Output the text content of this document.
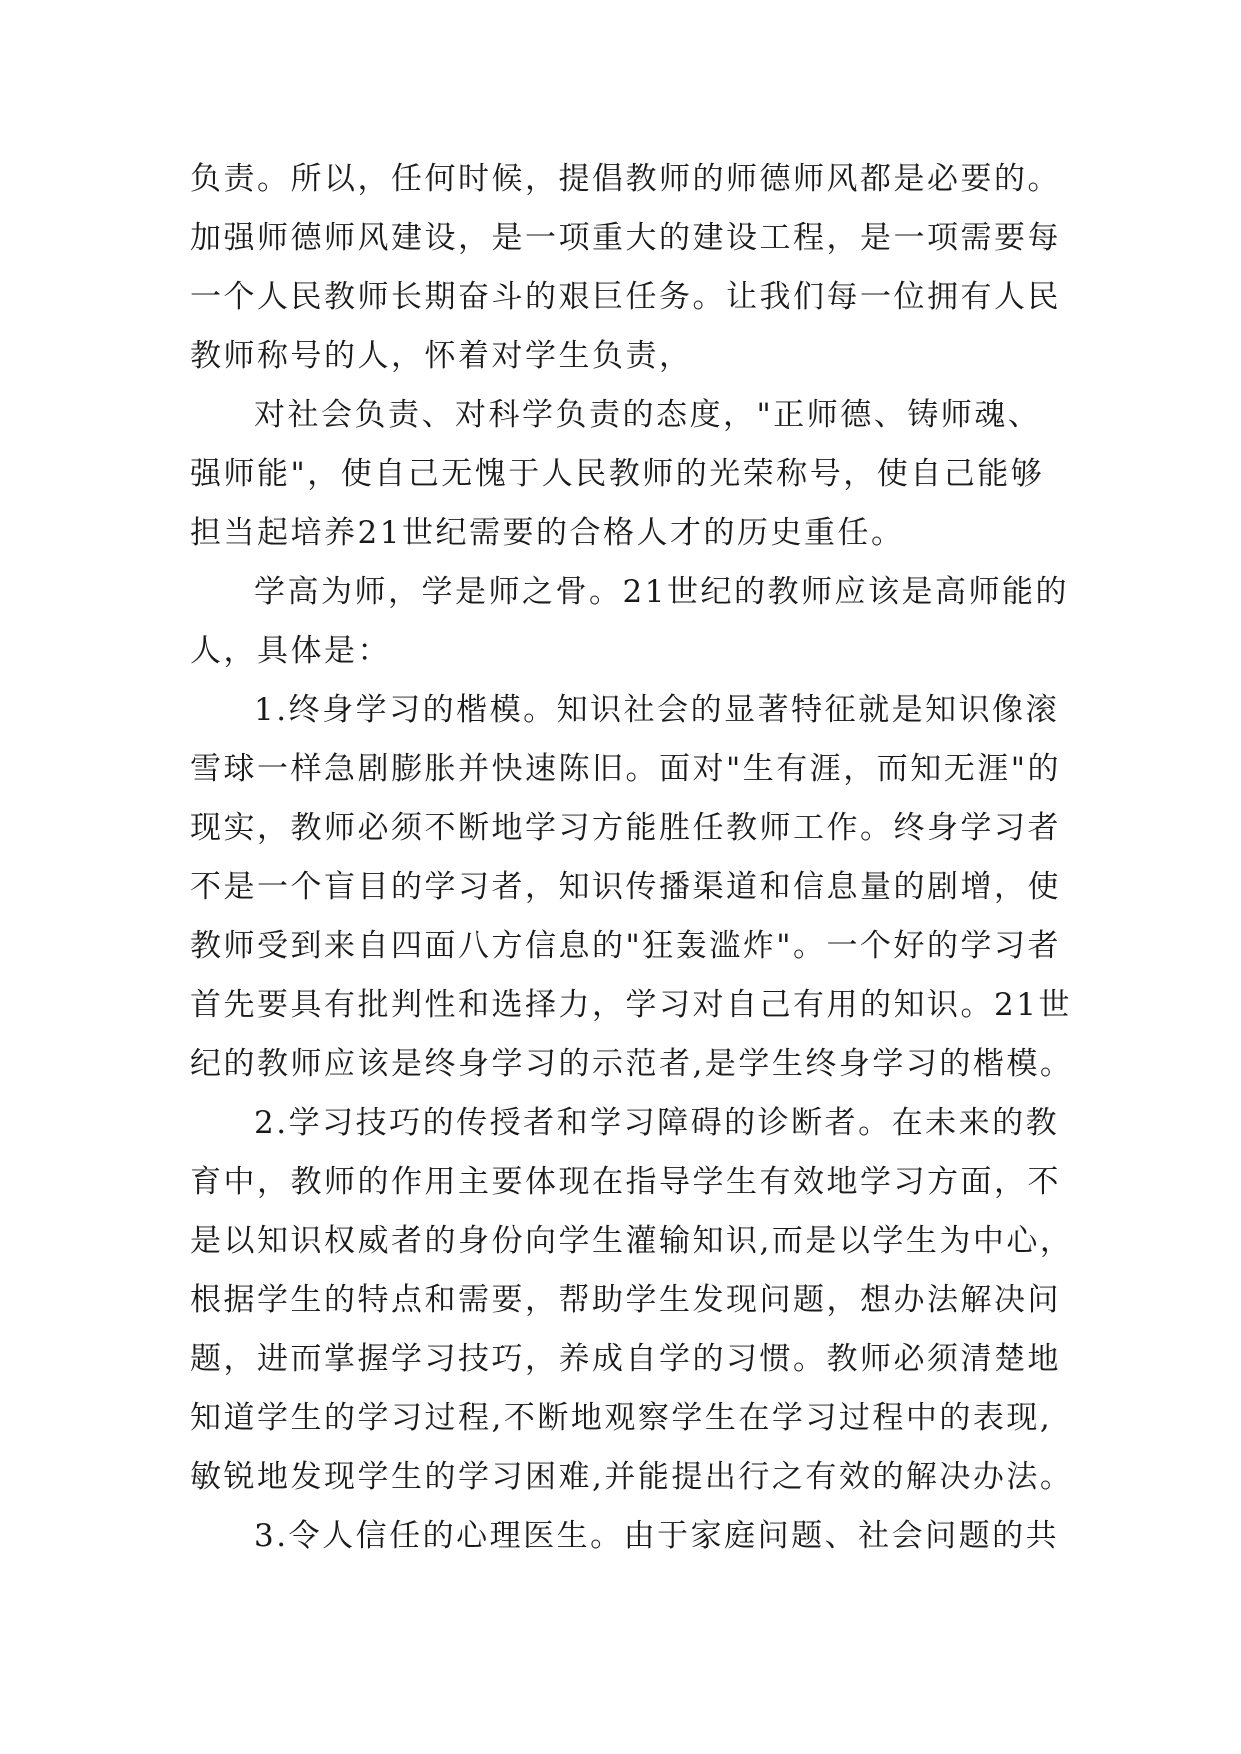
负责。所以，任何时候，提倡教师的师德师风都是必要的。
加强师德师风建设，是一项重大的建设工程，是一项需要每
一个人民教师长期奋斗的艰巨任务。让我们每一位拥有人民
教师称号的人，怀着对学生负责，
对社会负责、对科学负责的态度，"正师德、铸师魂、
强师能"，使自己无愧于人民教师的光荣称号，使自己能够
担当起培养21世纪需要的合格人才的历史重任。
学高为师，学是师之骨。21世纪的教师应该是高师能的
人，具体是：
1.终身学习的楷模。知识社会的显著特征就是知识像滚
雪球一样急剧膨胀并快速陈旧。面对"生有涯，而知无涯"的
现实，教师必须不断地学习方能胜任教师工作。终身学习者
不是一个盲目的学习者，知识传播渠道和信息量的剧增，使
教师受到来自四面八方信息的"狂轰滥炸"。一个好的学习者
首先要具有批判性和选择力，学习对自己有用的知识。21世
纪的教师应该是终身学习的示范者,是学生终身学习的楷模。
2.学习技巧的传授者和学习障碍的诊断者。在未来的教
育中，教师的作用主要体现在指导学生有效地学习方面，不
是以知识权威者的身份向学生灌输知识,而是以学生为中心，
根据学生的特点和需要，帮助学生发现问题，想办法解决问
题，进而掌握学习技巧，养成自学的习惯。教师必须清楚地
知道学生的学习过程,不断地观察学生在学习过程中的表现,
敏锐地发现学生的学习困难,并能提出行之有效的解决办法。
3.令人信任的心理医生。由于家庭问题、社会问题的共
